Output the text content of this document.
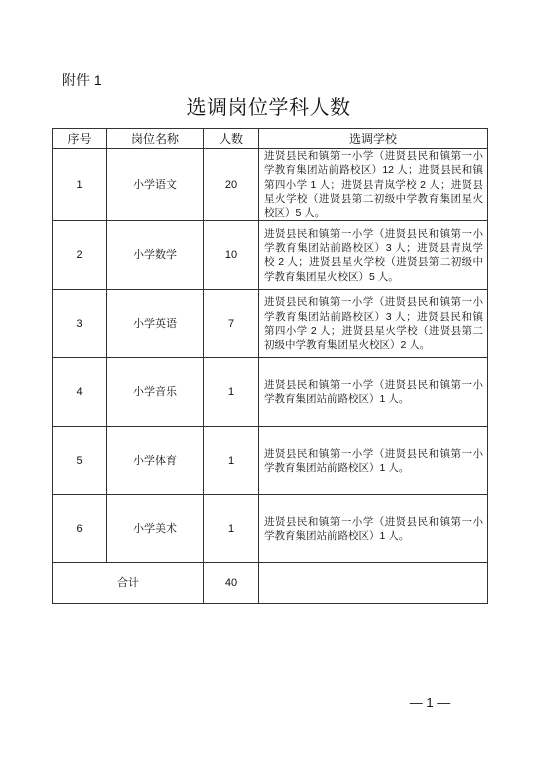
附件 1
选调岗位学科人数
序号	岗位名称	人数	选调学校
1	小学语文	20	进贤县民和镇第一小学（进贤县民和镇第一小
学教育集团站前路校区）12 人；进贤县民和镇
第四小学 1 人；进贤县青岚学校 2 人；进贤县
星火学校（进贤县第二初级中学教育集团星火
校区）5 人。

2	小学数学	10	进贤县民和镇第一小学（进贤县民和镇第一小
学教育集团站前路校区）3 人；进贤县青岚学
校 2 人；进贤县星火学校（进贤县第二初级中
学教育集团星火校区）5 人。

3	小学英语	7	进贤县民和镇第一小学（进贤县民和镇第一小
学教育集团站前路校区）3 人；进贤县民和镇
第四小学 2 人；进贤县星火学校（进贤县第二
初级中学教育集团星火校区）2 人。

4	小学音乐	1	进贤县民和镇第一小学（进贤县民和镇第一小
学教育集团站前路校区）1 人。

5	小学体育	1	进贤县民和镇第一小学（进贤县民和镇第一小
学教育集团站前路校区）1 人。

6	小学美术	1	进贤县民和镇第一小学（进贤县民和镇第一小
学教育集团站前路校区）1 人。

合计		40	
— 1 —
